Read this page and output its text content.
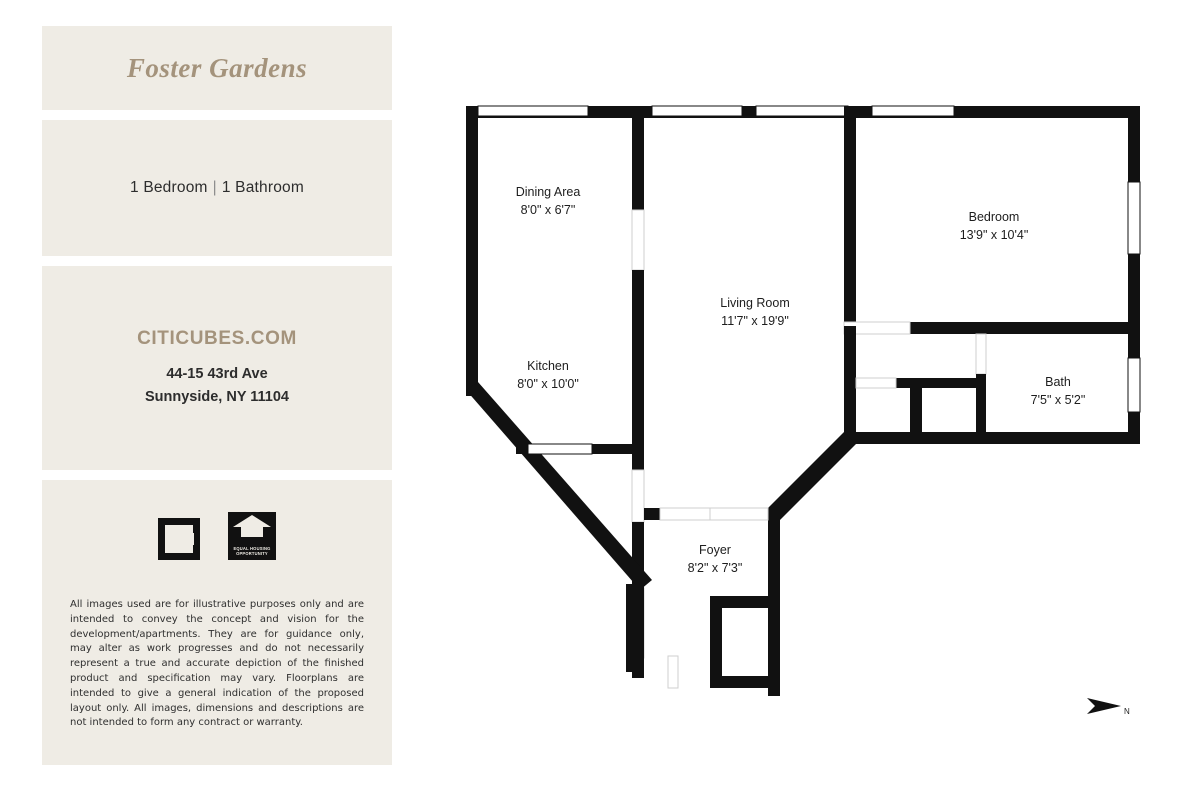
Foster Gardens
1 Bedroom | 1 Bathroom
CITICUBES.COM
44-15 43rd Ave
Sunnyside, NY 11104
EQUAL HOUSING
OPPORTUNITY
All images used are for illustrative purposes only and are intended to convey the concept and vision for the development/apartments. They are for guidance only, may alter as work progresses and do not necessarily represent a true and accurate depiction of the finished product and specification may vary. Floorplans are intended to give a general indication of the proposed layout only. All images, dimensions and descriptions are not intended to form any contract or warranty.
Dining Area
8'0" x 6'7"
Kitchen
8'0" x 10'0"
Living Room
11'7" x 19'9"
Bedroom
13'9" x 10'4"
Bath
7'5" x 5'2"
Foyer
8'2" x 7'3"
N
